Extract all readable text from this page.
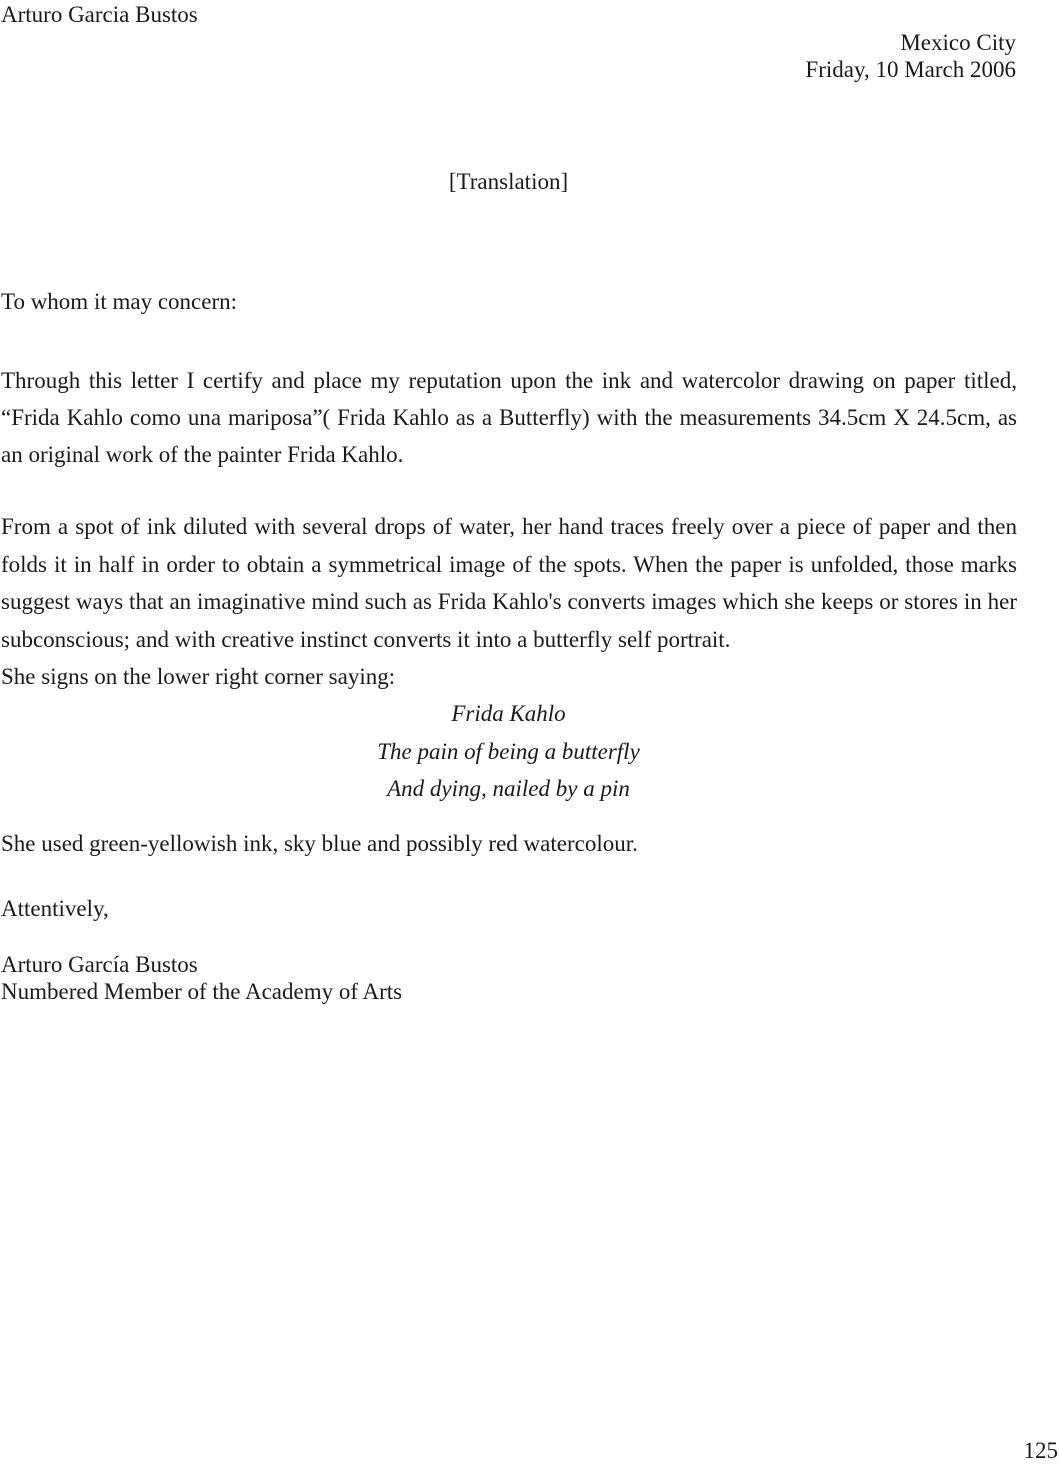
Arturo Garcia Bustos
Mexico City
Friday, 10 March 2006
[Translation]
To whom it may concern:

Through this letter I certify and place my reputation upon the ink and watercolor drawing on paper titled, “Frida Kahlo como una mariposa”( Frida Kahlo as a Butterfly) with the measurements 34.5cm X 24.5cm, as an original work of the painter Frida Kahlo.

From a spot of ink diluted with several drops of water, her hand traces freely over a piece of paper and then folds it in half in order to obtain a symmetrical image of the spots. When the paper is unfolded, those marks suggest ways that an imaginative mind such as Frida Kahlo's converts images which she keeps or stores in her subconscious; and with creative instinct converts it into a butterfly self portrait.

She signs on the lower right corner saying:
Frida Kahlo
The pain of being a butterfly
And dying, nailed by a pin
She used green-yellowish ink, sky blue and possibly red watercolour.
Attentively,
Arturo García Bustos
Numbered Member of the Academy of Arts
125
